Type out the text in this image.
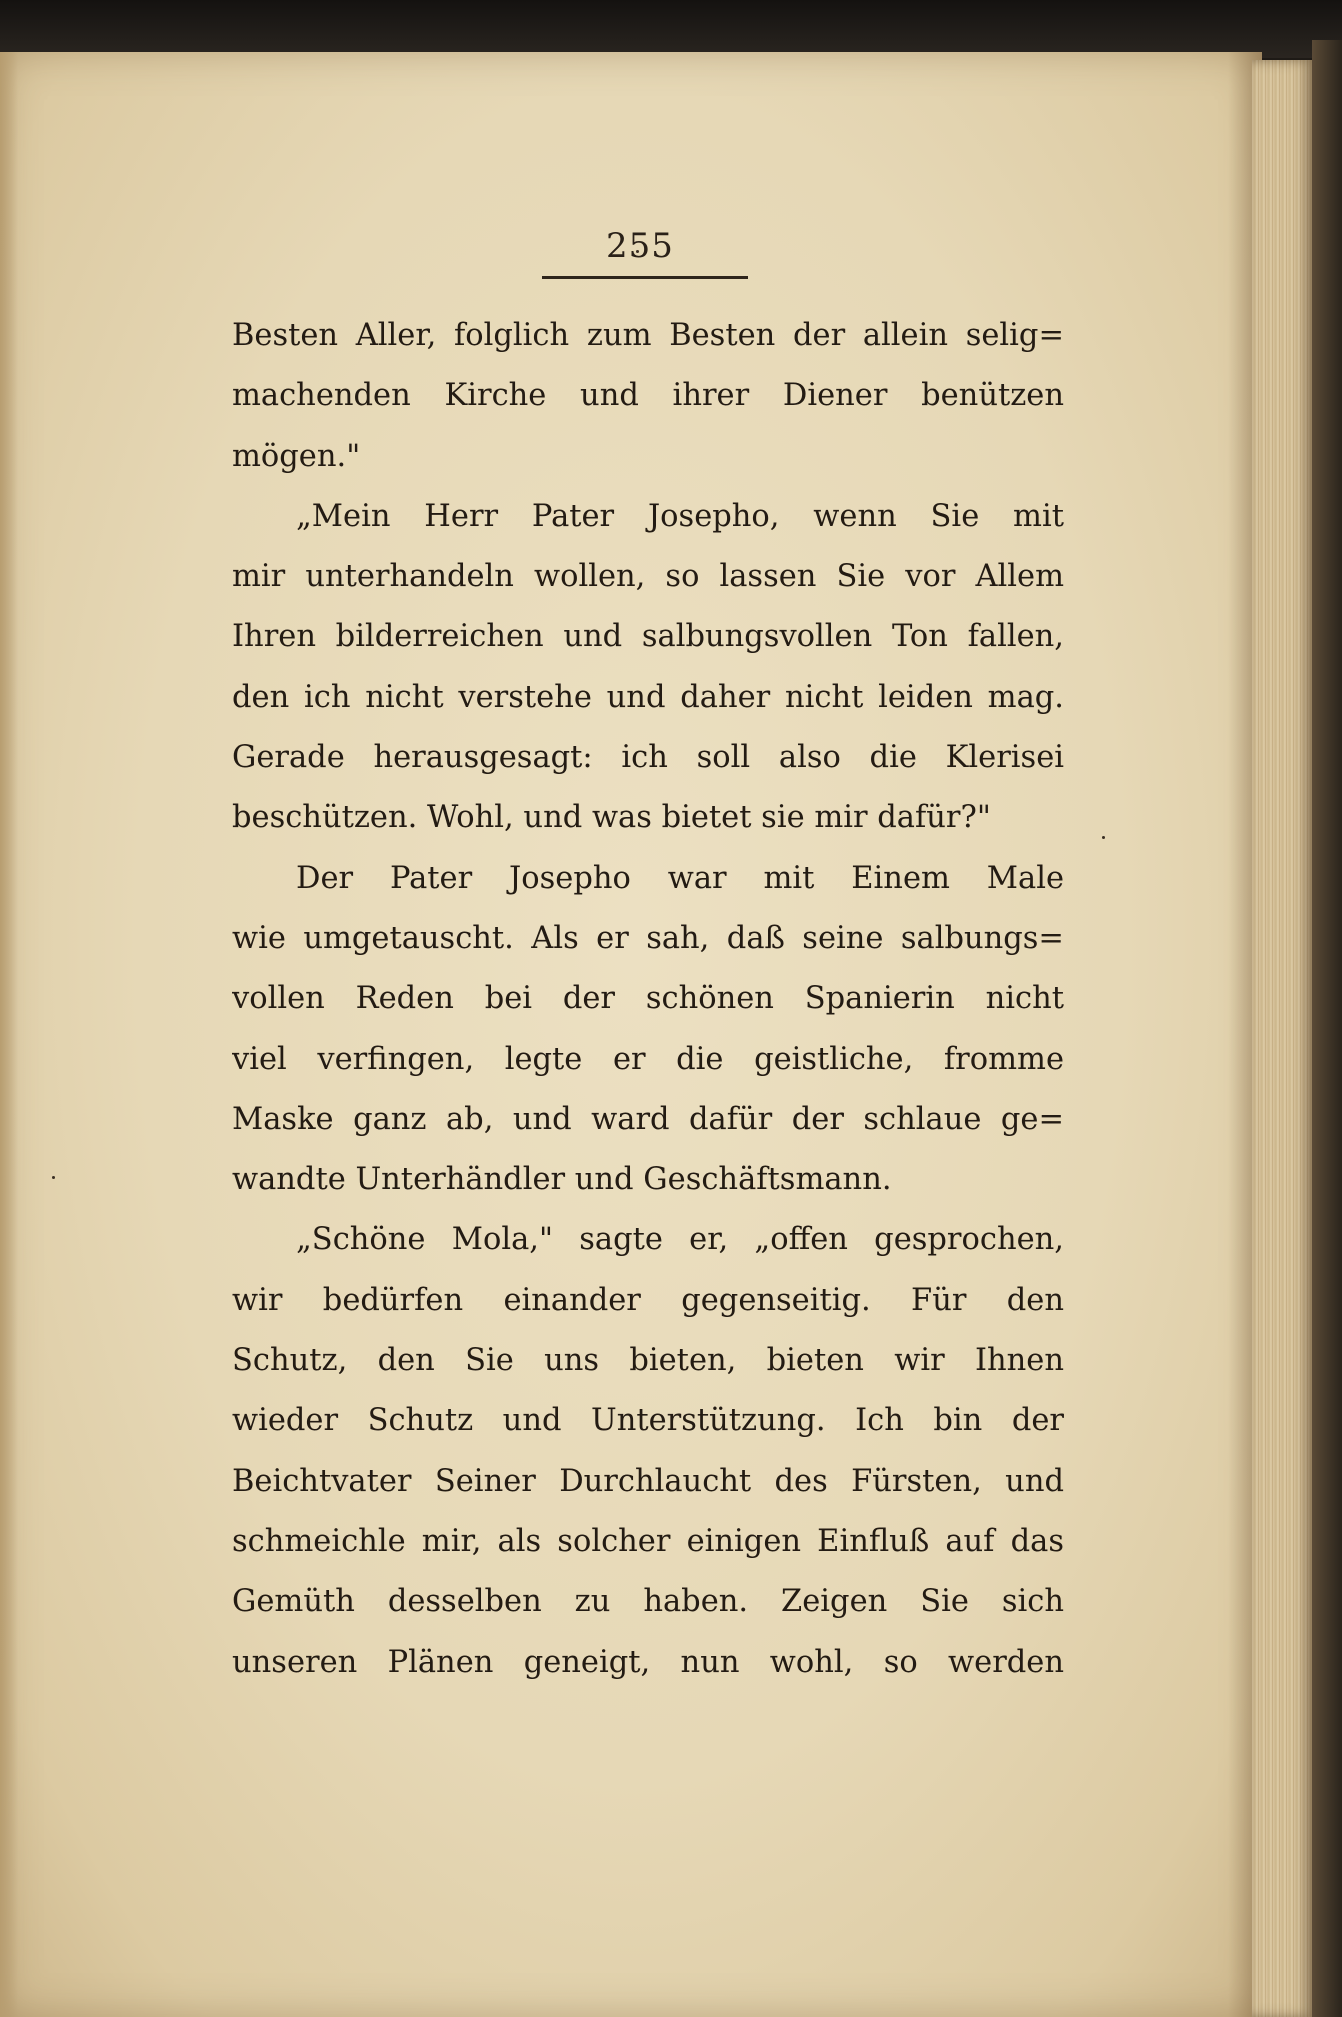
255
Besten Aller, folglich zum Besten der allein selig=
machenden Kirche und ihrer Diener benützen
mögen."
„Mein Herr Pater Josepho, wenn Sie mit
mir unterhandeln wollen, so lassen Sie vor Allem
Ihren bilderreichen und salbungsvollen Ton fallen,
den ich nicht verstehe und daher nicht leiden mag.
Gerade herausgesagt: ich soll also die Klerisei
beschützen. Wohl, und was bietet sie mir dafür?"
Der Pater Josepho war mit Einem Male
wie umgetauscht. Als er sah, daß seine salbungs=
vollen Reden bei der schönen Spanierin nicht
viel verfingen, legte er die geistliche, fromme
Maske ganz ab, und ward dafür der schlaue ge=
wandte Unterhändler und Geschäftsmann.
„Schöne Mola," sagte er, „offen gesprochen,
wir bedürfen einander gegenseitig. Für den
Schutz, den Sie uns bieten, bieten wir Ihnen
wieder Schutz und Unterstützung. Ich bin der
Beichtvater Seiner Durchlaucht des Fürsten, und
schmeichle mir, als solcher einigen Einfluß auf das
Gemüth desselben zu haben. Zeigen Sie sich
unseren Plänen geneigt, nun wohl, so werden
